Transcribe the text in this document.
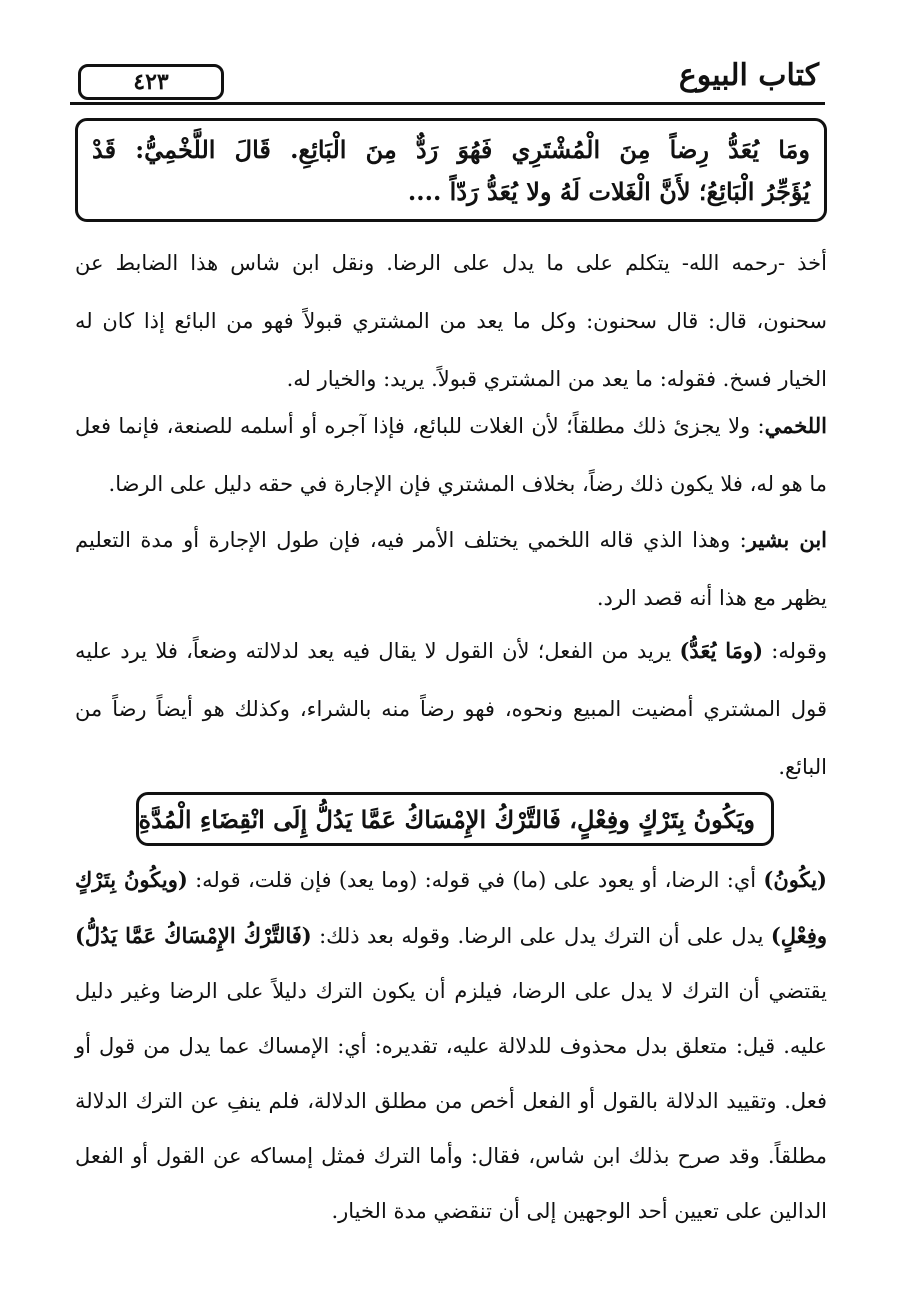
٤٢٣	كتاب البيوع

ومَا يُعَدُّ رِضاً مِنَ الْمُشْتَرِي فَهُوَ رَدٌّ مِنَ الْبَائِعِ. قَالَ اللَّخْمِيُّ: قَدْ

يُؤَجِّرُ الْبَائِعُ؛ لأَنَّ الْغَلات لَهُ ولا يُعَدُّ رَدّاً ....

أخذ -رحمه الله- يتكلم على ما يدل على الرضا. ونقل ابن شاس هذا الضابط عن سحنون، قال: قال سحنون: وكل ما يعد من المشتري قبولاً فهو من البائع إذا كان له الخيار فسخ. فقوله: ما يعد من المشتري قبولاً. يريد: والخيار له.

اللخمي: ولا يجزئ ذلك مطلقاً؛ لأن الغلات للبائع، فإذا آجره أو أسلمه للصنعة، فإنما فعل ما هو له، فلا يكون ذلك رضاً، بخلاف المشتري فإن الإجارة في حقه دليل على الرضا.

ابن بشير: وهذا الذي قاله اللخمي يختلف الأمر فيه، فإن طول الإجارة أو مدة التعليم يظهر مع هذا أنه قصد الرد.

وقوله: (ومَا يُعَدُّ) يريد من الفعل؛ لأن القول لا يقال فيه يعد لدلالته وضعاً، فلا يرد عليه قول المشتري أمضيت المبيع ونحوه، فهو رضاً منه بالشراء، وكذلك هو أيضاً رضاً من البائع.

ويَكُونُ بِتَرْكٍ وفِعْلٍ، فَالتَّرْكُ الإِمْسَاكُ عَمَّا يَدُلُّ إِلَى انْقِضَاءِ الْمُدَّةِ

(يكُونُ) أي: الرضا، أو يعود على (ما) في قوله: (وما يعد) فإن قلت، قوله: (ويكُونُ بِتَرْكٍ وفِعْلٍ) يدل على أن الترك يدل على الرضا. وقوله بعد ذلك: (فَالتَّرْكُ الإِمْسَاكُ عَمَّا يَدُلُّ) يقتضي أن الترك لا يدل على الرضا، فيلزم أن يكون الترك دليلاً على الرضا وغير دليل عليه. قيل: متعلق بدل محذوف للدلالة عليه، تقديره: أي: الإمساك عما يدل من قول أو فعل. وتقييد الدلالة بالقول أو الفعل أخص من مطلق الدلالة، فلم ينفِ عن الترك الدلالة مطلقاً. وقد صرح بذلك ابن شاس، فقال: وأما الترك فمثل إمساكه عن القول أو الفعل الدالين على تعيين أحد الوجهين إلى أن تنقضي مدة الخيار.
